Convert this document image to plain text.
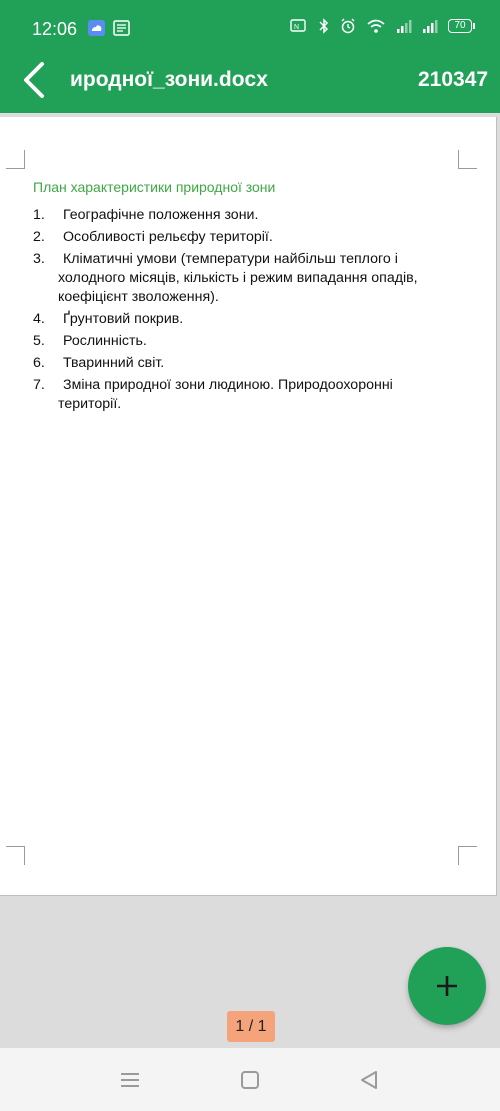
12:06	N	70
иродної_зони.docx	210347
План характеристики природної зони
1.	Географічне положення зони.
2.	Особливості рельєфу території.
3.	Кліматичні умови (температури найбільш теплого і холодного місяців, кількість і режим випадання опадів, коефіцієнт зволоження).
4.	Ґрунтовий покрив.
5.	Рослинність.
6.	Тваринний світ.
7.	Зміна природної зони людиною. Природоохоронні території.
1 / 1
